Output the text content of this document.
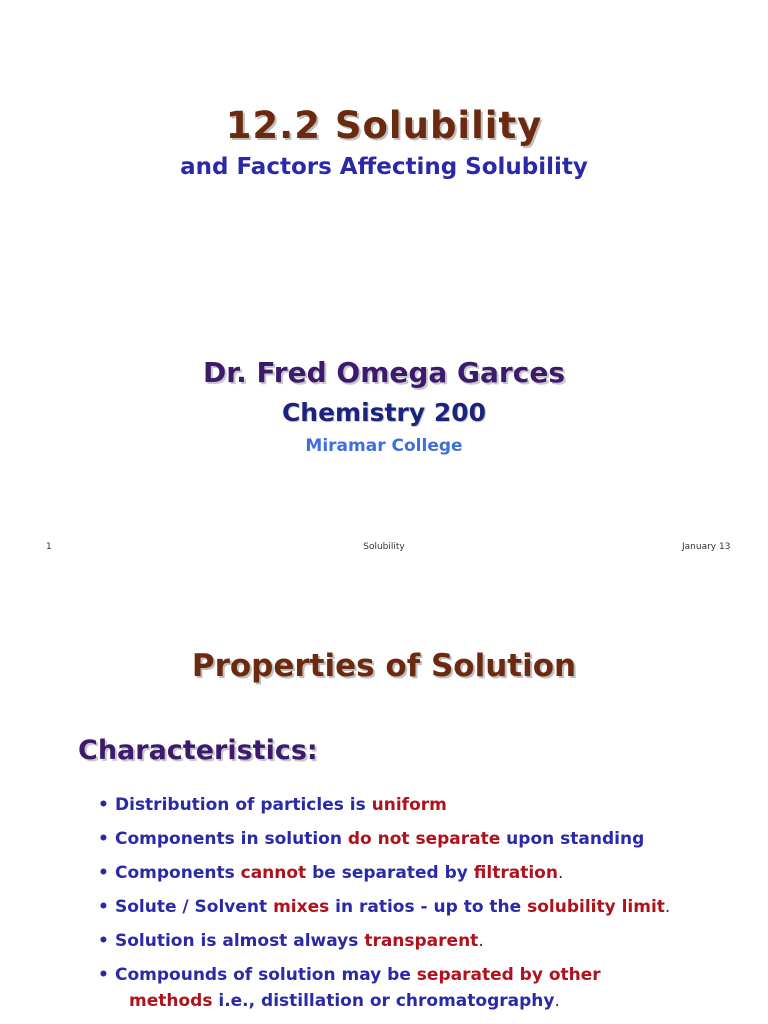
12.2 Solubility
and Factors Affecting Solubility
Dr. Fred Omega Garces
Chemistry 200
Miramar College
1	Solubility	January 13
Properties of Solution
Characteristics:
• Distribution of particles is uniform
• Components in solution do not separate upon standing
• Components cannot be separated by filtration.
• Solute / Solvent mixes in ratios - up to the solubility limit.
• Solution is almost always transparent.
• Compounds of solution may be separated by other
methods i.e., distillation or chromatography.
